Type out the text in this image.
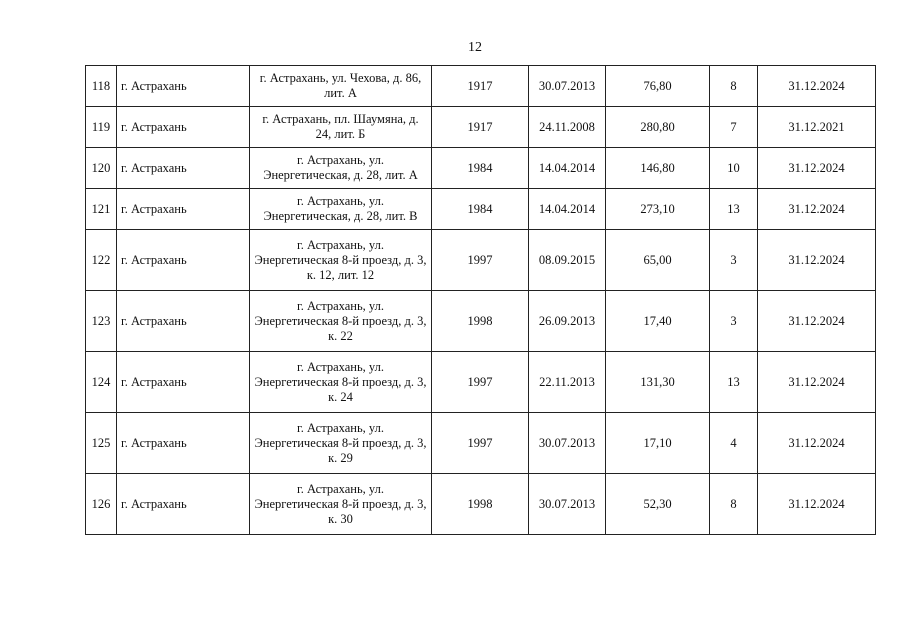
12
118	г. Астрахань	г. Астрахань, ул. Чехова, д. 86, лит. А	1917	30.07.2013	76,80	8	31.12.2024
119	г. Астрахань	г. Астрахань, пл. Шаумяна, д. 24, лит. Б	1917	24.11.2008	280,80	7	31.12.2021
120	г. Астрахань	г. Астрахань, ул. Энергетическая, д. 28, лит. А	1984	14.04.2014	146,80	10	31.12.2024
121	г. Астрахань	г. Астрахань, ул. Энергетическая, д. 28, лит. В	1984	14.04.2014	273,10	13	31.12.2024
122	г. Астрахань	г. Астрахань, ул. Энергетическая 8-й проезд, д. 3, к. 12, лит. 12	1997	08.09.2015	65,00	3	31.12.2024
123	г. Астрахань	г. Астрахань, ул. Энергетическая 8-й проезд, д. 3, к. 22	1998	26.09.2013	17,40	3	31.12.2024
124	г. Астрахань	г. Астрахань, ул. Энергетическая 8-й проезд, д. 3, к. 24	1997	22.11.2013	131,30	13	31.12.2024
125	г. Астрахань	г. Астрахань, ул. Энергетическая 8-й проезд, д. 3, к. 29	1997	30.07.2013	17,10	4	31.12.2024
126	г. Астрахань	г. Астрахань, ул. Энергетическая 8-й проезд, д. 3, к. 30	1998	30.07.2013	52,30	8	31.12.2024
